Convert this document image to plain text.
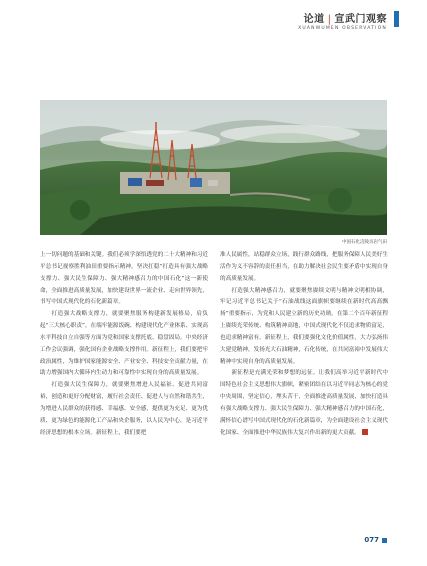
论道 | 宣武门观察
XUANWUMEN OBSERVATION
中国石化涪陵页岩气田

上一切问题的基础和关键。我们必须学深悟透党的二十大精神和习近平总书记视察胜利油田重要指示精神，坚决扛稳“打造具有强大战略支撑力、强大民生保障力、强大精神感召力的中国石化”这一新使命，全面推进高质量发展，加快建设世界一流企业、走向世界领先，书写中国式现代化的石化新篇章。

打造强大战略支撑力，就要聚焦服务构建新发展格局，肩负起“三大核心职责”，在端牢能源饭碗、构建现代化产业体系、实现高水平科技自立自强等方面为党和国家支撑托底、稳盘固局。中央经济工作会议强调，强化国有企业战略支撑作用。新征程上，我们要把牢政治属性，为维护国家能源安全、产业安全、科技安全贡献力量，在助力增强国内大循环内生动力和可靠性中实现自身的高质量发展。

打造强大民生保障力，就要聚焦增进人民福祉、促进共同富裕，创造和更好分配财富，履行社会责任、促进人与自然和谐共生，为增进人民群众的获得感、幸福感、安全感，提供更为充足、更为优质、更为绿色的能源化工产品和央企服务，以人民为中心，是习近平经济思想的根本立场。新征程上，我们要把

准人民属性，站稳群众立场，践行群众路线，把服务保障人民美好生活作为义不容辞的责任担当，在助力解决社会民生要矛盾中实现自身的高质量发展。

打造强大精神感召力，就要聚焦赓续文明与精神文明相协调，牢记习近平总书记关于“石油战线这面旗帜要继续在新时代高高飘扬”重要指示，为党和人民建立新的历史功勋，在第二个百年新征程上赓续光荣传统、构筑精神高地，中国式现代化不仅追求物质富足，也追求精神富有。新征程上，我们要强化文化价值属性，大力弘扬伟大建党精神，发扬光大石油精神，石化传统，在共同富裕中发展伟大精神中实现自身的高质量发展。

新征程是充满光荣和梦想的远征。让我们高举习近平新时代中国特色社会主义思想伟大旗帜，紧密团结在以习近平同志为核心的党中央周围，坚定信心，埋头苦干，全面推进高质量发展，加快打造具有强大战略支撑力、强大民生保障力、强大精神感召力的中国石化，满怀信心谱写中国式现代化的石化新篇章，为全面建设社会主义现代化国家、全面推进中华民族伟大复兴作出新的更大贡献。

077
